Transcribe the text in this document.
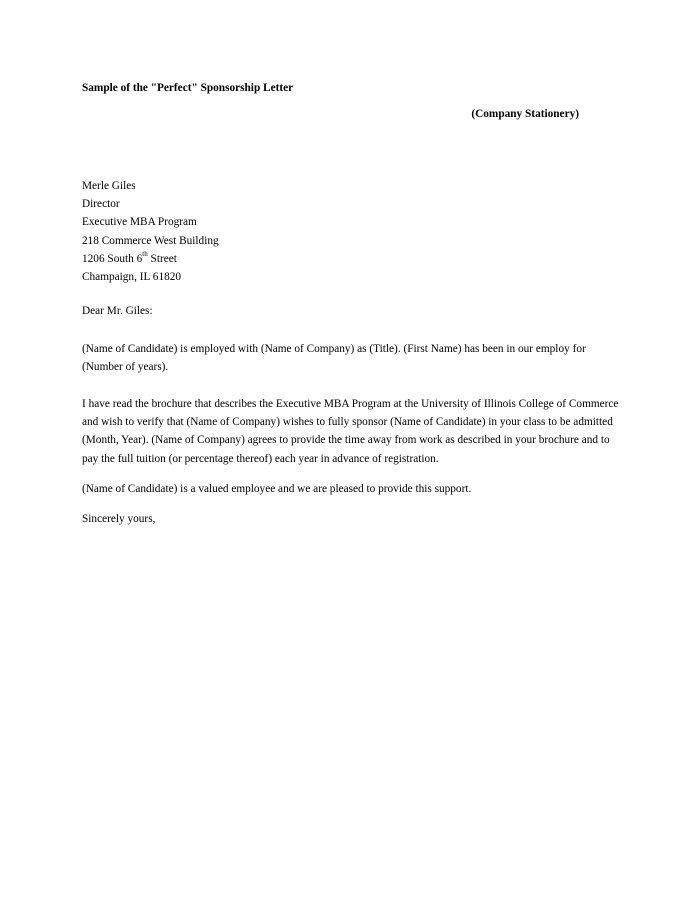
Sample of the "Perfect" Sponsorship Letter
(Company Stationery)
Merle Giles
Director
Executive MBA Program
218 Commerce West Building
1206 South 6th Street
Champaign, IL 61820
Dear Mr. Giles:
(Name of Candidate) is employed with (Name of Company) as (Title). (First Name) has been in our employ for (Number of years).
I have read the brochure that describes the Executive MBA Program at the University of Illinois College of Commerce and wish to verify that (Name of Company) wishes to fully sponsor (Name of Candidate) in your class to be admitted (Month, Year). (Name of Company) agrees to provide the time away from work as described in your brochure and to pay the full tuition (or percentage thereof) each year in advance of registration.
(Name of Candidate) is a valued employee and we are pleased to provide this support.
Sincerely yours,
